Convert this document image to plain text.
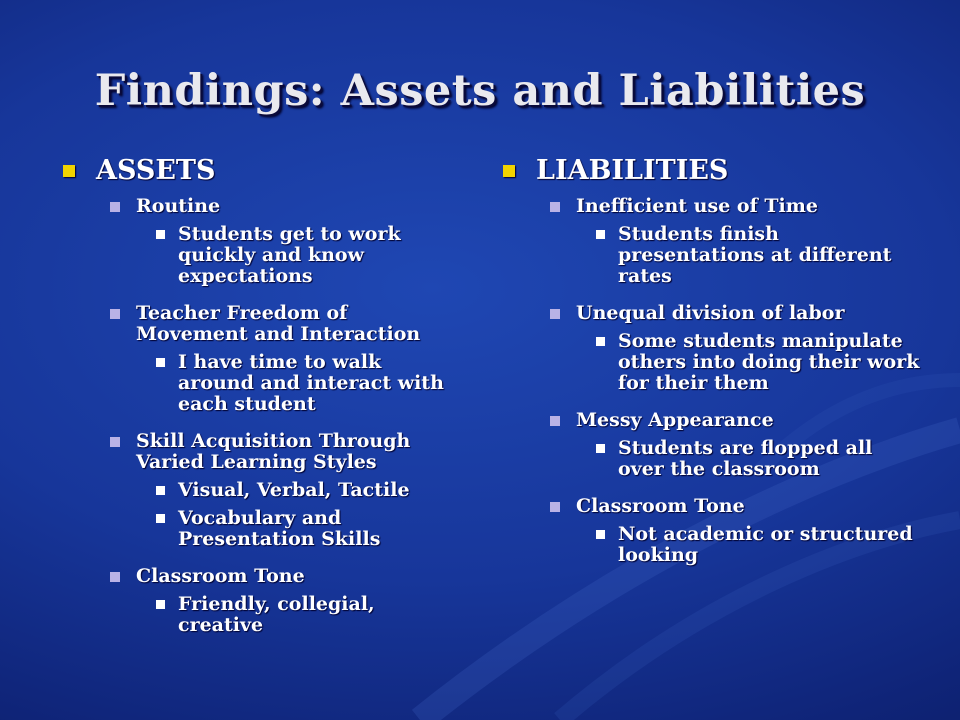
Findings: Assets and Liabilities
ASSETS
Routine
Students get to work quickly and know expectations
Teacher Freedom of Movement and Interaction
I have time to walk around and interact with each student
Skill Acquisition Through Varied Learning Styles
Visual, Verbal, Tactile
Vocabulary and Presentation Skills
Classroom Tone
Friendly, collegial, creative
LIABILITIES
Inefficient use of Time
Students finish presentations at different rates
Unequal division of labor
Some students manipulate others into doing their work for their them
Messy Appearance
Students are flopped all over the classroom
Classroom Tone
Not academic or structured looking
